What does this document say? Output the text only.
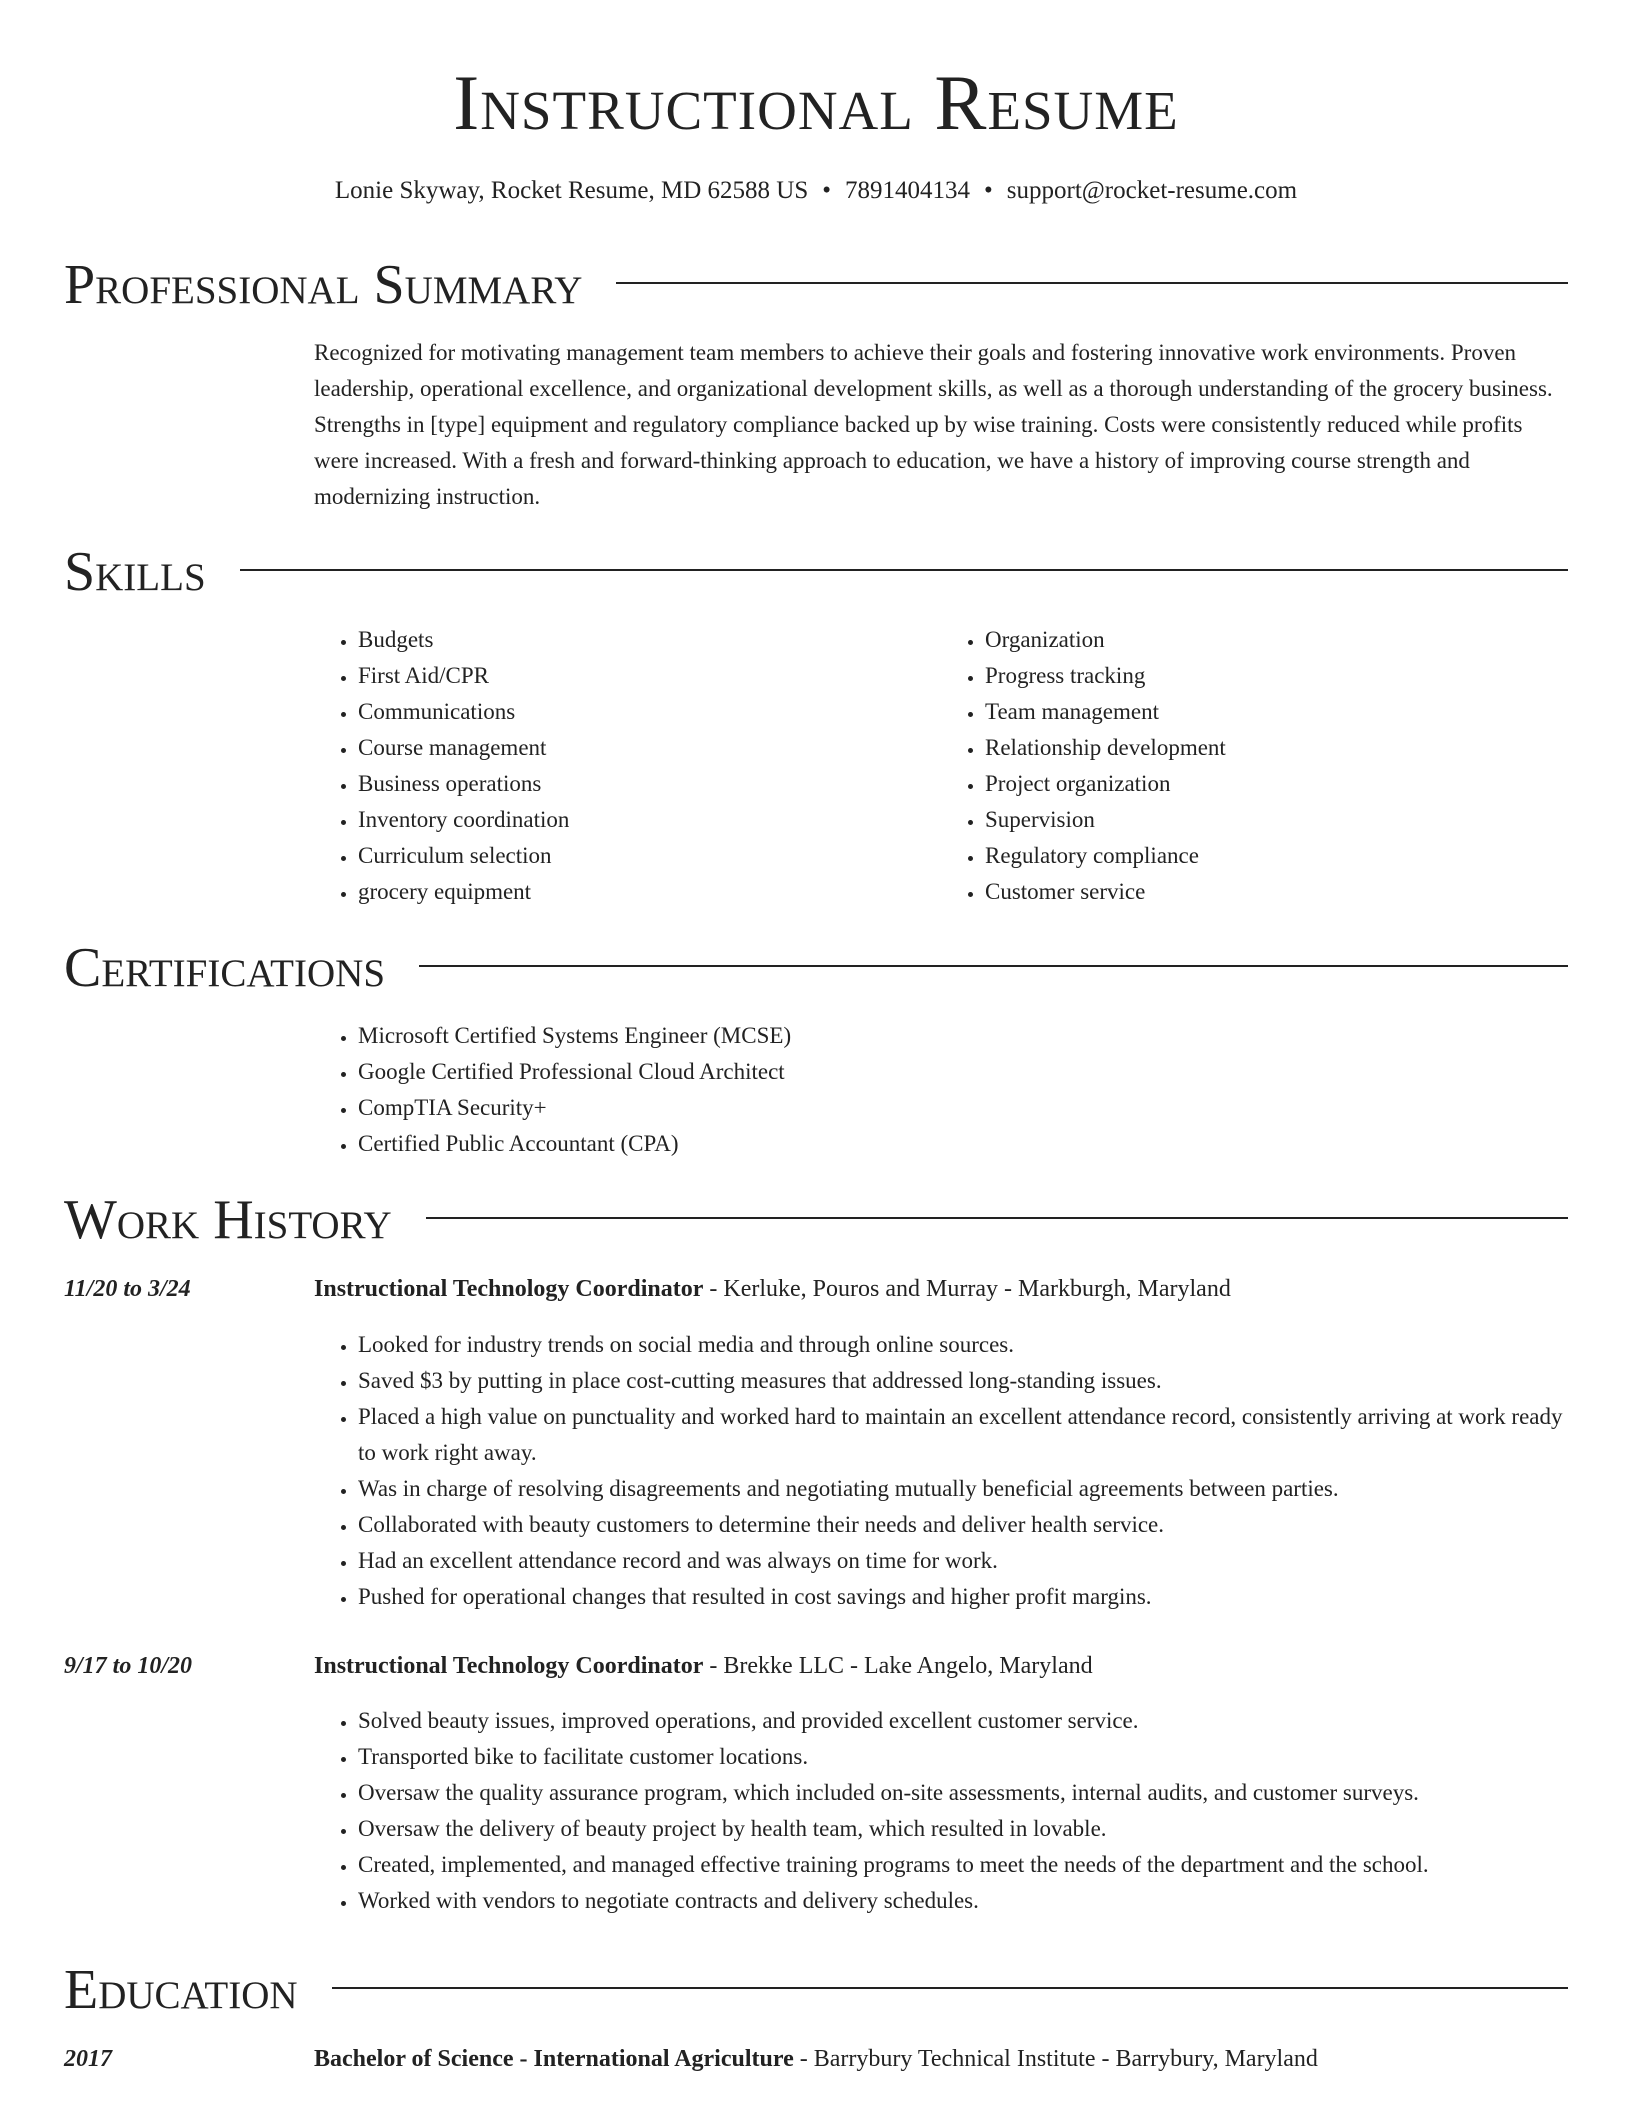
Instructional Resume
Lonie Skyway, Rocket Resume, MD 62588 US • 7891404134 • support@rocket-resume.com
Professional Summary

Recognized for motivating management team members to achieve their goals and fostering innovative work environments. Proven leadership, operational excellence, and organizational development skills, as well as a thorough understanding of the grocery business. Strengths in [type] equipment and regulatory compliance backed up by wise training. Costs were consistently reduced while profits were increased. With a fresh and forward-thinking approach to education, we have a history of improving course strength and modernizing instruction.

Skills
• Budgets
• First Aid/CPR
• Communications
• Course management
• Business operations
• Inventory coordination
• Curriculum selection
• grocery equipment
• Organization
• Progress tracking
• Team management
• Relationship development
• Project organization
• Supervision
• Regulatory compliance
• Customer service
Certifications
• Microsoft Certified Systems Engineer (MCSE)
• Google Certified Professional Cloud Architect
• CompTIA Security+
• Certified Public Accountant (CPA)
Work History
11/20 to 3/24	Instructional Technology Coordinator - Kerluke, Pouros and Murray - Markburgh, Maryland
• Looked for industry trends on social media and through online sources.
• Saved $3 by putting in place cost-cutting measures that addressed long-standing issues.
• Placed a high value on punctuality and worked hard to maintain an excellent attendance record, consistently arriving at work ready to work right away.
• Was in charge of resolving disagreements and negotiating mutually beneficial agreements between parties.
• Collaborated with beauty customers to determine their needs and deliver health service.
• Had an excellent attendance record and was always on time for work.
• Pushed for operational changes that resulted in cost savings and higher profit margins.
9/17 to 10/20	Instructional Technology Coordinator - Brekke LLC - Lake Angelo, Maryland
• Solved beauty issues, improved operations, and provided excellent customer service.
• Transported bike to facilitate customer locations.
• Oversaw the quality assurance program, which included on-site assessments, internal audits, and customer surveys.
• Oversaw the delivery of beauty project by health team, which resulted in lovable.
• Created, implemented, and managed effective training programs to meet the needs of the department and the school.
• Worked with vendors to negotiate contracts and delivery schedules.
Education
2017	Bachelor of Science - International Agriculture - Barrybury Technical Institute - Barrybury, Maryland
